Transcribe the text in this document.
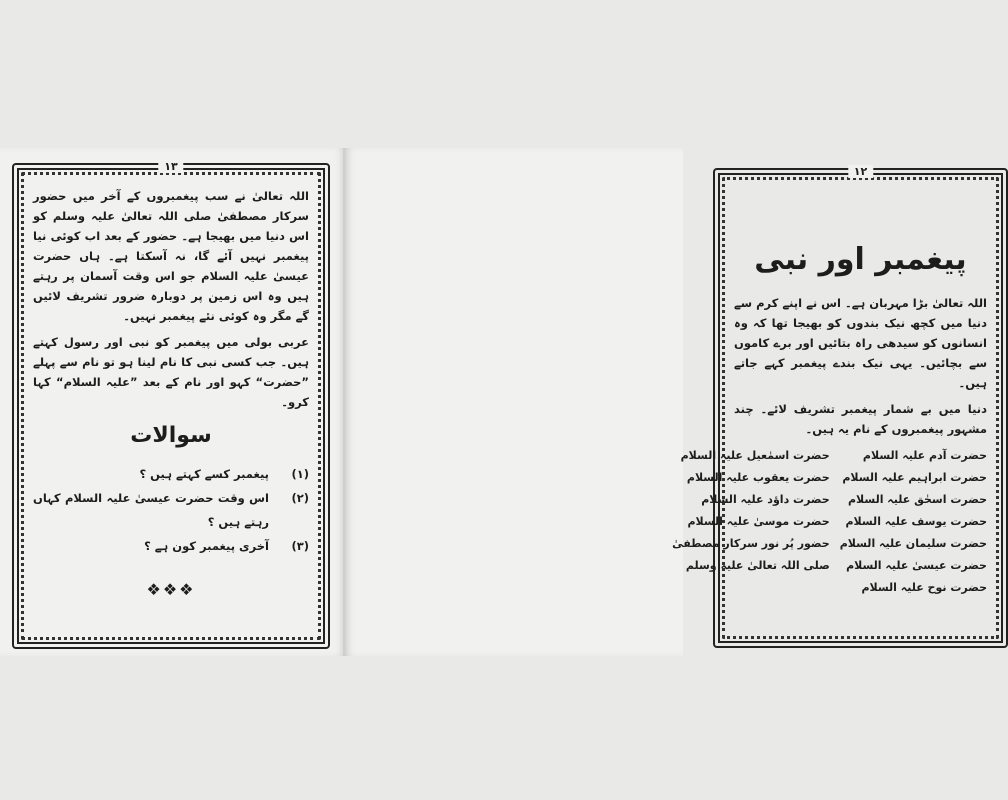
١٣

اللہ تعالیٰ نے سب پیغمبروں کے آخر میں حضور سرکار مصطفیٰ صلی اللہ تعالیٰ علیہ وسلم کو اس دنیا میں بھیجا ہے۔ حضور کے بعد اب کوئی نیا پیغمبر نہیں آئے گا، نہ آسکتا ہے۔ ہاں حضرت عیسیٰ علیہ السلام جو اس وقت آسمان پر رہتے ہیں وہ اس زمین پر دوبارہ ضرور تشریف لائیں گے مگر وہ کوئی نئے پیغمبر نہیں۔

عربی بولی میں پیغمبر کو نبی اور رسول کہتے ہیں۔ جب کسی نبی کا نام لینا ہو تو نام سے پہلے ”حضرت“ کہو اور نام کے بعد ”علیہ السلام“ کہا کرو۔

سوالات
(١)
پیغمبر کسے کہتے ہیں ؟
(٢)
اس وقت حضرت عیسیٰ علیہ السلام کہاں رہتے ہیں ؟
(٣)
آخری پیغمبر کون ہے ؟
❖❖❖
١٢
پیغمبر اور نبی

اللہ تعالیٰ بڑا مہربان ہے۔ اس نے اپنے کرم سے دنیا میں کچھ نیک بندوں کو بھیجا تھا کہ وہ انسانوں کو سیدھی راہ بتائیں اور برے کاموں سے بچائیں۔ یہی نیک بندے پیغمبر کہے جاتے ہیں۔

دنیا میں بے شمار پیغمبر تشریف لائے۔ چند مشہور پیغمبروں کے نام یہ ہیں۔

حضرت آدم علیہ السلام
حضرت اسمٰعیل علیہ السلام
حضرت ابراہیم علیہ السلام
حضرت یعقوب علیہ السلام
حضرت اسحٰق علیہ السلام
حضرت داؤد علیہ السلام
حضرت یوسف علیہ السلام
حضرت موسیٰ علیہ السلام
حضرت سلیمان علیہ السلام
حضور پُر نور سرکار مصطفیٰ
حضرت عیسیٰ علیہ السلام
صلی اللہ تعالیٰ علیہ وسلم
حضرت نوح علیہ السلام
